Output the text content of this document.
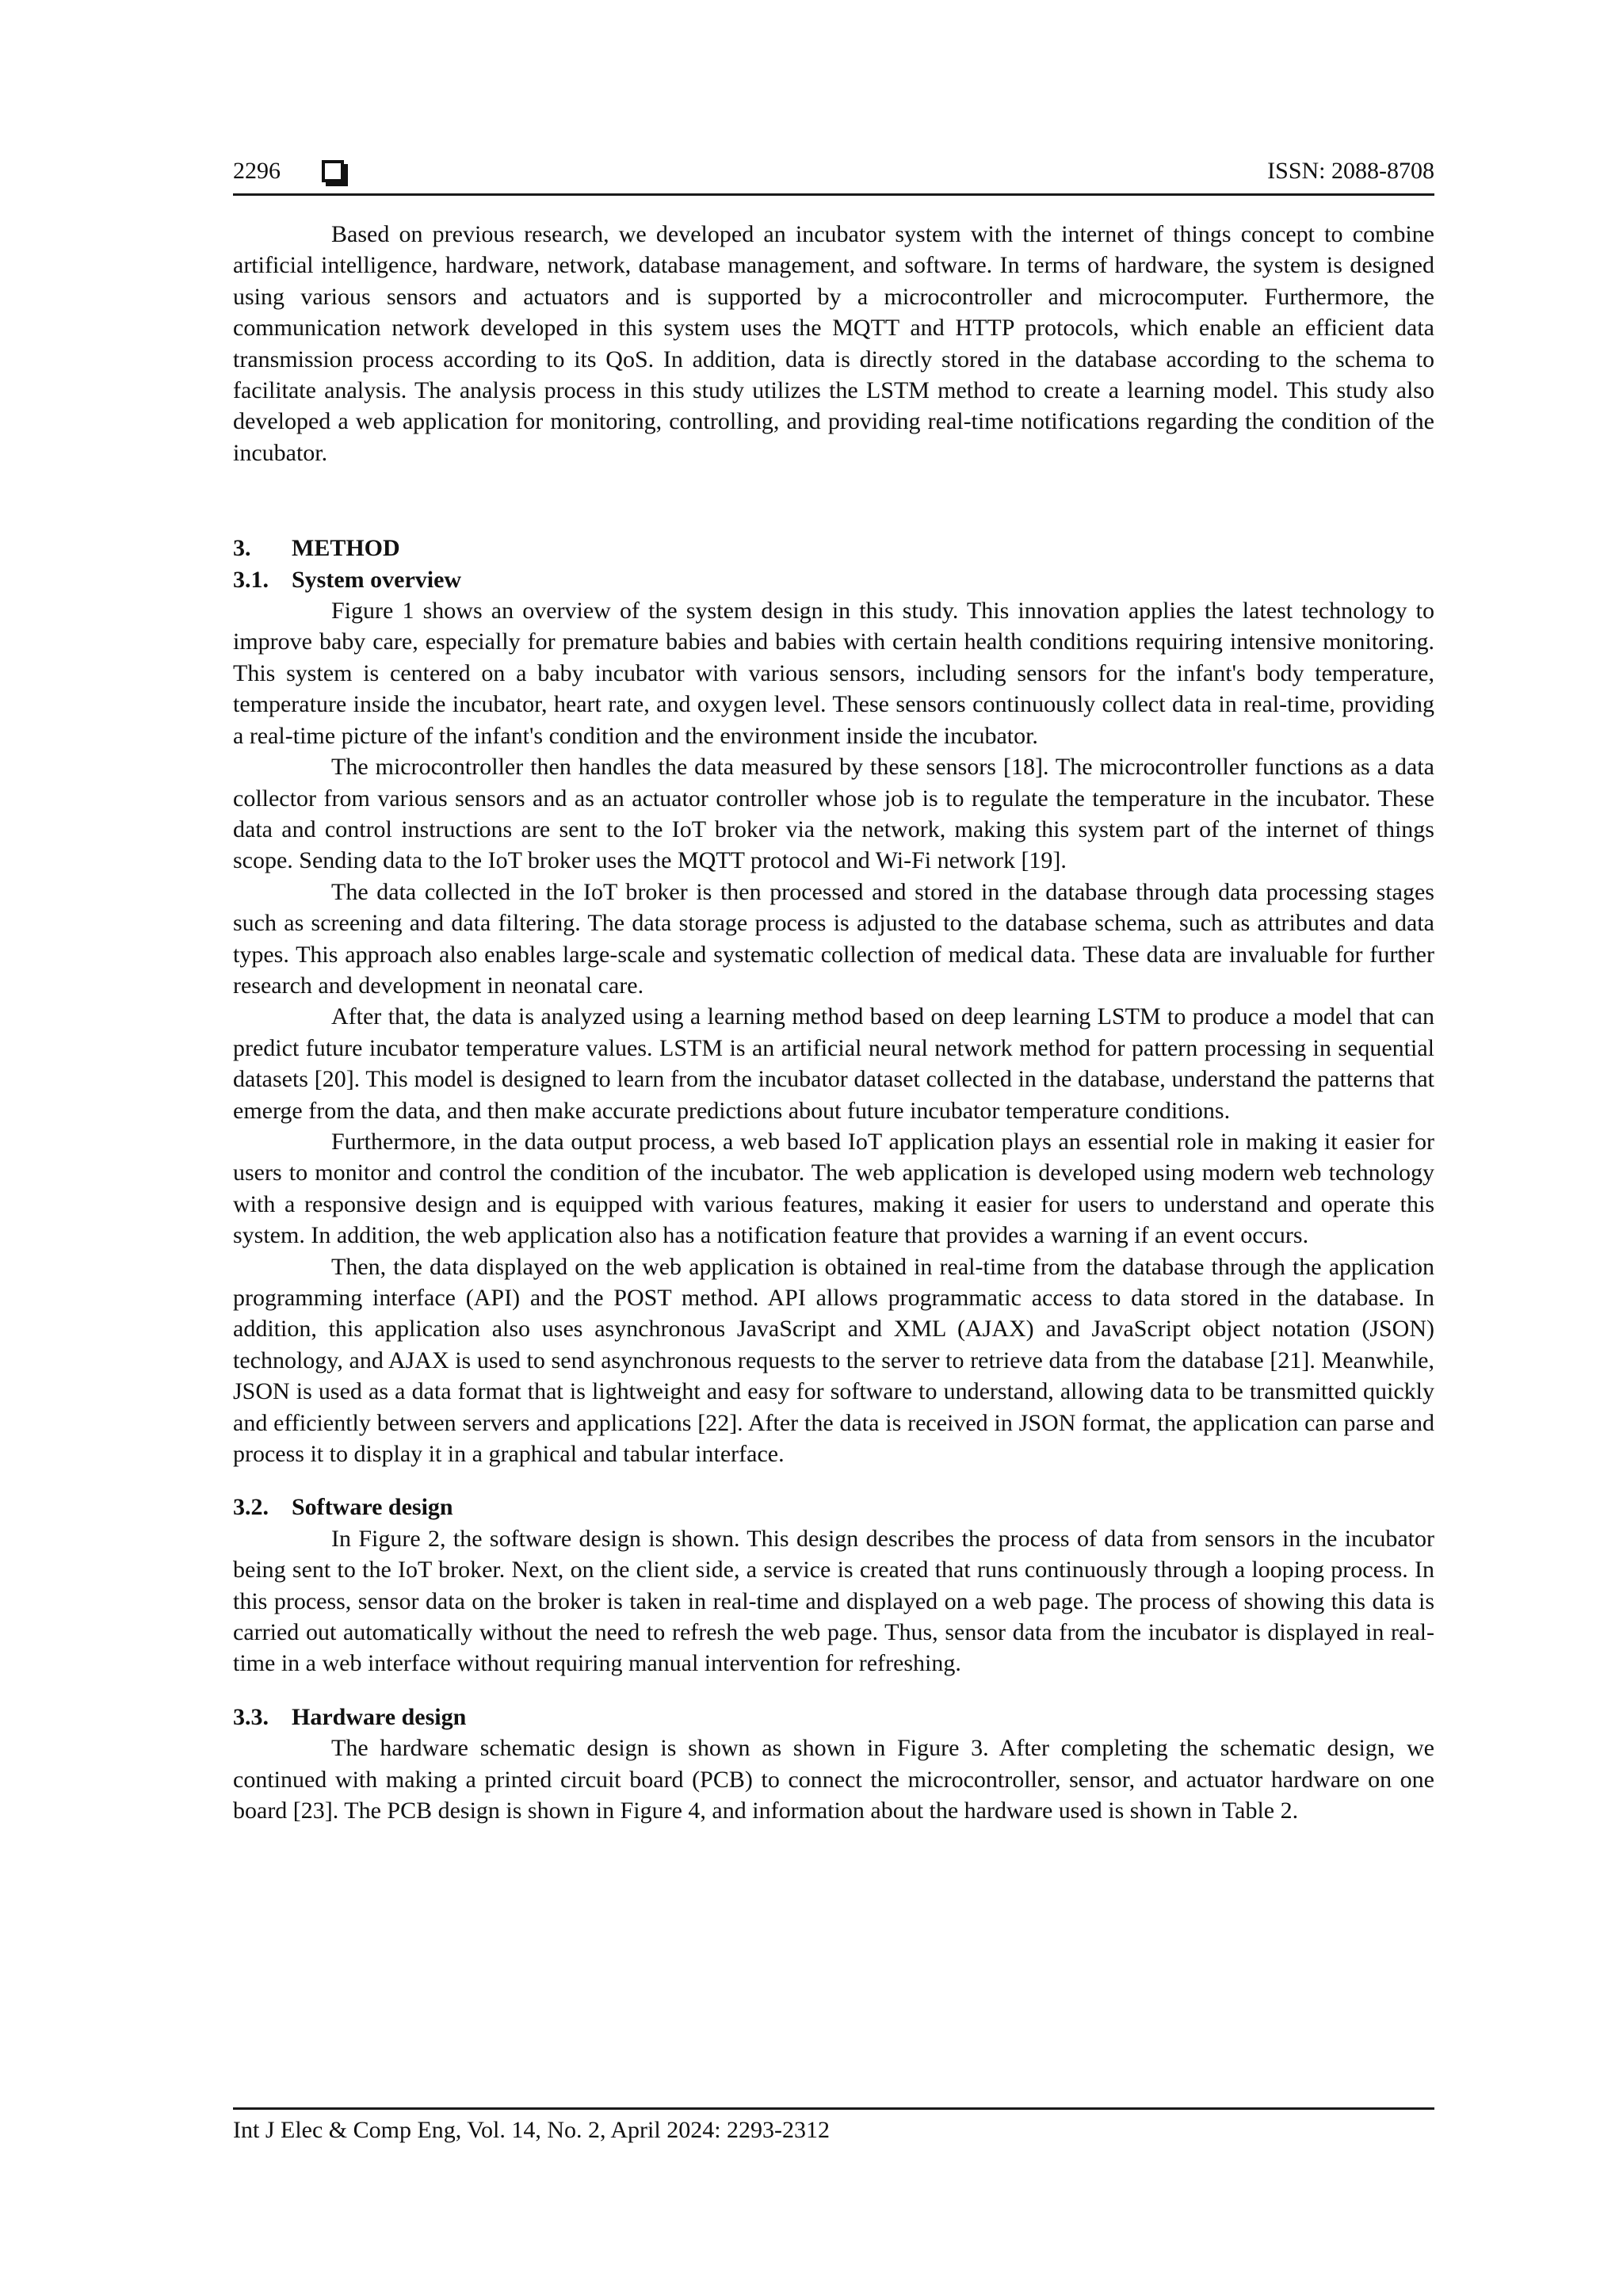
2296	ISSN: 2088-8708

Based on previous research, we developed an incubator system with the internet of things concept to combine artificial intelligence, hardware, network, database management, and software. In terms of hardware, the system is designed using various sensors and actuators and is supported by a microcontroller and microcomputer. Furthermore, the communication network developed in this system uses the MQTT and HTTP protocols, which enable an efficient data transmission process according to its QoS. In addition, data is directly stored in the database according to the schema to facilitate analysis. The analysis process in this study utilizes the LSTM method to create a learning model. This study also developed a web application for monitoring, controlling, and providing real-time notifications regarding the condition of the incubator.

3. METHOD
3.1. System overview

Figure 1 shows an overview of the system design in this study. This innovation applies the latest technology to improve baby care, especially for premature babies and babies with certain health conditions requiring intensive monitoring. This system is centered on a baby incubator with various sensors, including sensors for the infant's body temperature, temperature inside the incubator, heart rate, and oxygen level. These sensors continuously collect data in real-time, providing a real-time picture of the infant's condition and the environment inside the incubator.

The microcontroller then handles the data measured by these sensors [18]. The microcontroller functions as a data collector from various sensors and as an actuator controller whose job is to regulate the temperature in the incubator. These data and control instructions are sent to the IoT broker via the network, making this system part of the internet of things scope. Sending data to the IoT broker uses the MQTT protocol and Wi-Fi network [19].

The data collected in the IoT broker is then processed and stored in the database through data processing stages such as screening and data filtering. The data storage process is adjusted to the database schema, such as attributes and data types. This approach also enables large-scale and systematic collection of medical data. These data are invaluable for further research and development in neonatal care.

After that, the data is analyzed using a learning method based on deep learning LSTM to produce a model that can predict future incubator temperature values. LSTM is an artificial neural network method for pattern processing in sequential datasets [20]. This model is designed to learn from the incubator dataset collected in the database, understand the patterns that emerge from the data, and then make accurate predictions about future incubator temperature conditions.

Furthermore, in the data output process, a web based IoT application plays an essential role in making it easier for users to monitor and control the condition of the incubator. The web application is developed using modern web technology with a responsive design and is equipped with various features, making it easier for users to understand and operate this system. In addition, the web application also has a notification feature that provides a warning if an event occurs.

Then, the data displayed on the web application is obtained in real-time from the database through the application programming interface (API) and the POST method. API allows programmatic access to data stored in the database. In addition, this application also uses asynchronous JavaScript and XML (AJAX) and JavaScript object notation (JSON) technology, and AJAX is used to send asynchronous requests to the server to retrieve data from the database [21]. Meanwhile, JSON is used as a data format that is lightweight and easy for software to understand, allowing data to be transmitted quickly and efficiently between servers and applications [22]. After the data is received in JSON format, the application can parse and process it to display it in a graphical and tabular interface.

3.2. Software design

In Figure 2, the software design is shown. This design describes the process of data from sensors in the incubator being sent to the IoT broker. Next, on the client side, a service is created that runs continuously through a looping process. In this process, sensor data on the broker is taken in real-time and displayed on a web page. The process of showing this data is carried out automatically without the need to refresh the web page. Thus, sensor data from the incubator is displayed in real-time in a web interface without requiring manual intervention for refreshing.

3.3. Hardware design

The hardware schematic design is shown as shown in Figure 3. After completing the schematic design, we continued with making a printed circuit board (PCB) to connect the microcontroller, sensor, and actuator hardware on one board [23]. The PCB design is shown in Figure 4, and information about the hardware used is shown in Table 2.

Int J Elec & Comp Eng, Vol. 14, No. 2, April 2024: 2293-2312
